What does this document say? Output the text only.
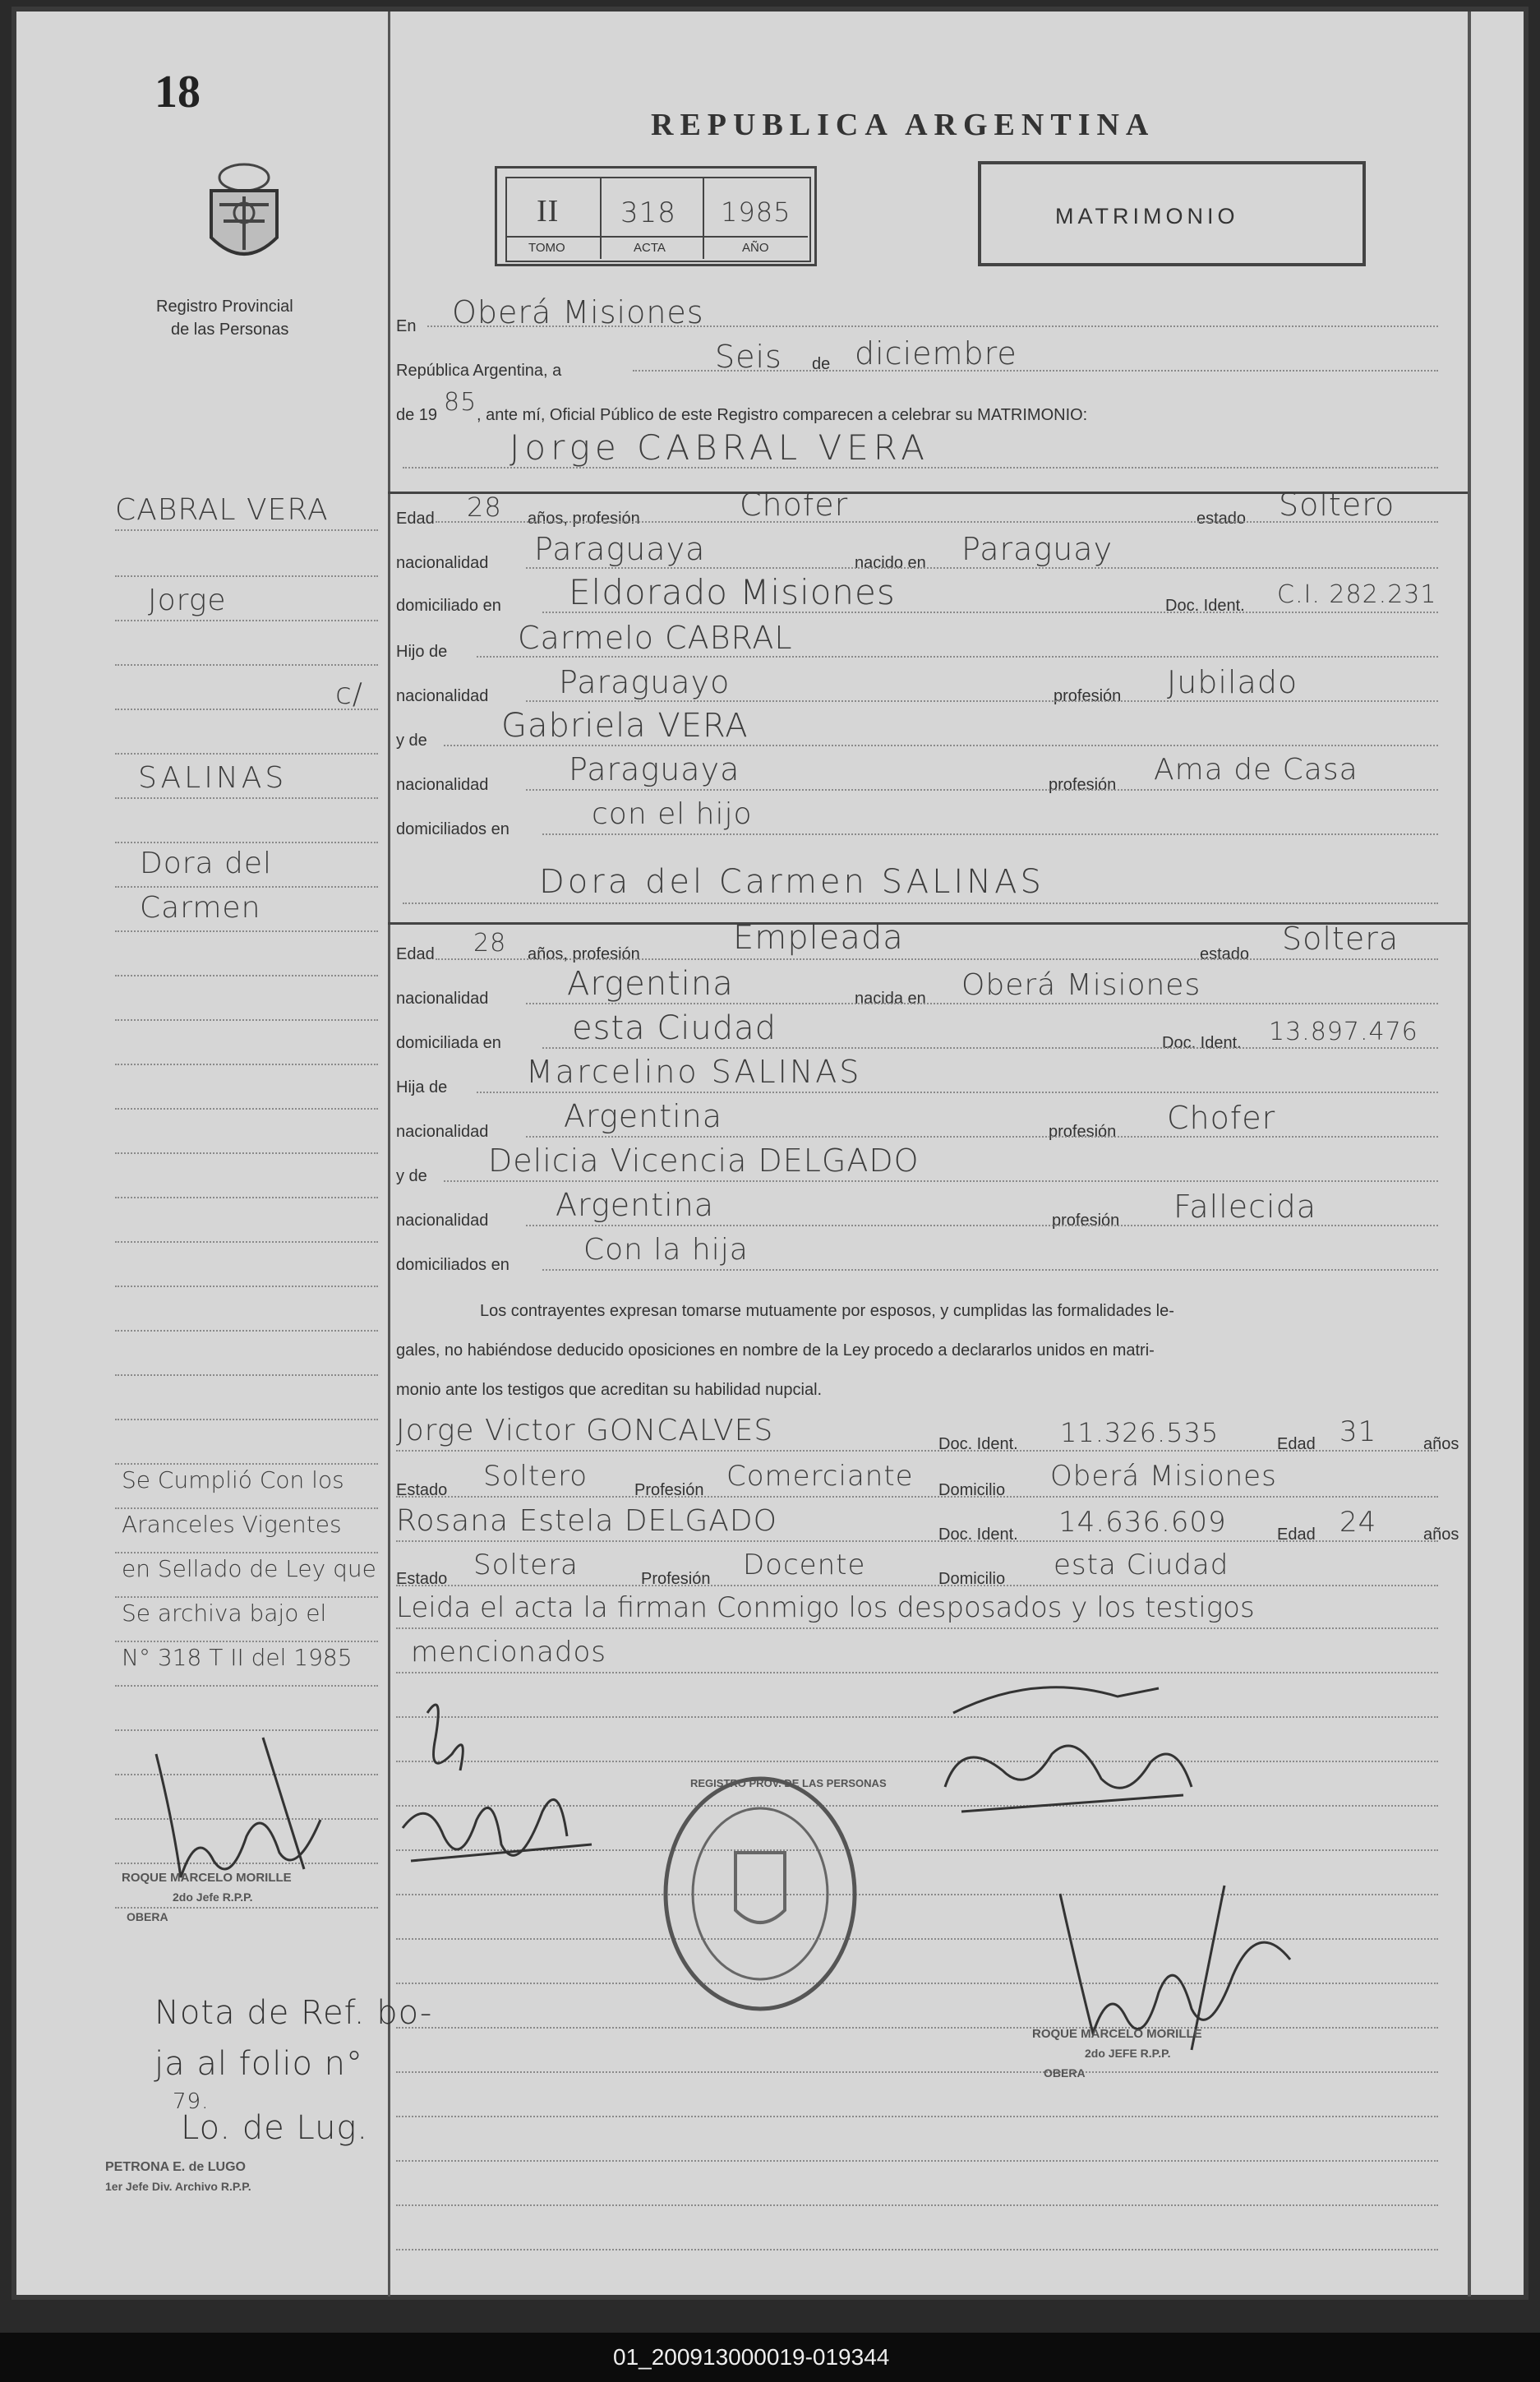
18
Registro Provincial
de las Personas
REPUBLICA ARGENTINA
II 318 1985
TOMO	ACTA	AÑO
MATRIMONIO
En Oberá Misiones
República Argentina, a	Seis de diciembre
de 19 85 , ante mí, Oficial Público de este Registro comparecen a celebrar su MATRIMONIO:
Jorge CABRAL VERA
Edad 28 años, profesión	Chofer	estado Soltero
nacionalidad Paraguaya	nacido en Paraguay
domiciliado en Eldorado Misiones	Doc. Ident. C.I. 282.231
Hijo de Carmelo CABRAL
nacionalidad Paraguayo	profesión Jubilado
y de Gabriela VERA
nacionalidad	Paraguaya	profesión Ama de Casa
domiciliados en	con el hijo
Dora del Carmen SALINAS
Edad 28 años, profesión	Empleada	estado Soltera
nacionalidad Argentina	nacida en Oberá Misiones
domiciliada en esta Ciudad	Doc. Ident. 13.897.476
Hija de	Marcelino SALINAS
nacionalidad Argentina	profesión Chofer
y de Delicia Vicencia DELGADO
nacionalidad Argentina	profesión Fallecida
domiciliados en	Con la hija
Los contrayentes expresan tomarse mutuamente por esposos, y cumplidas las formalidades le-
gales, no habiéndose deducido oposiciones en nombre de la Ley procedo a declararlos unidos en matri-
monio ante los testigos que acreditan su habilidad nupcial.
Jorge Victor GONCALVES	Doc. Ident. 11.326.535	Edad 31	años
Estado Soltero	Profesión Comerciante Domicilio Oberá Misiones
Rosana Estela DELGADO	Doc. Ident. 14.636.609	Edad 24	años
Estado Soltera	Profesión Docente	Domicilio esta Ciudad
Leida el acta la firman Conmigo los desposados y los testigos
mencionados
REGISTRO PROV. DE LAS PERSONAS
ROQUE MARCELO MORILLE
2do JEFE R.P.P.
OBERA
CABRAL VERA
Jorge
c/
SALINAS
Dora del
Carmen
Se Cumplió Con los
Aranceles Vigentes
en Sellado de Ley que
Se archiva bajo el
N° 318 T II del 1985
ROQUE MARCELO MORILLE
2do Jefe R.P.P.
OBERA
Nota de Ref. bo-
ja al folio n°
79.
Lo. de Lug.
PETRONA E. de LUGO
1er Jefe Div. Archivo R.P.P.
01_200913000019-019344
